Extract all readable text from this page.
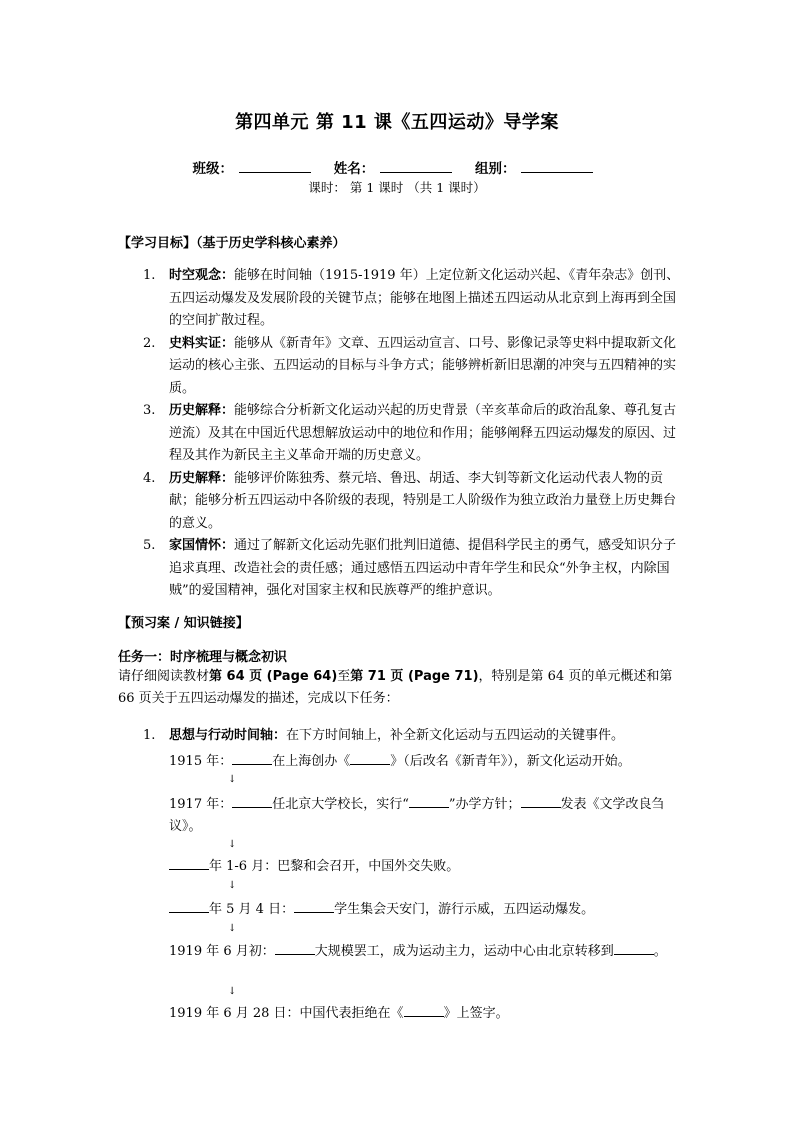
第四单元 第 11 课《五四运动》导学案
班级：	姓名：	组别：
课时： 第 1 课时 （共 1 课时）
【学习目标】（基于历史学科核心素养）
1. 时空观念：能够在时间轴（1915-1919 年）上定位新文化运动兴起、《青年杂志》创刊、五四运动爆发及发展阶段的关键节点；能够在地图上描述五四运动从北京到上海再到全国的空间扩散过程。
2. 史料实证：能够从《新青年》文章、五四运动宣言、口号、影像记录等史料中提取新文化运动的核心主张、五四运动的目标与斗争方式；能够辨析新旧思潮的冲突与五四精神的实质。
3. 历史解释：能够综合分析新文化运动兴起的历史背景（辛亥革命后的政治乱象、尊孔复古逆流）及其在中国近代思想解放运动中的地位和作用；能够阐释五四运动爆发的原因、过程及其作为新民主主义革命开端的历史意义。
4. 历史解释：能够评价陈独秀、蔡元培、鲁迅、胡适、李大钊等新文化运动代表人物的贡献；能够分析五四运动中各阶级的表现，特别是工人阶级作为独立政治力量登上历史舞台的意义。
5. 家国情怀：通过了解新文化运动先驱们批判旧道德、提倡科学民主的勇气，感受知识分子追求真理、改造社会的责任感；通过感悟五四运动中青年学生和民众“外争主权，内除国贼”的爱国精神，强化对国家主权和民族尊严的维护意识。
【预习案 / 知识链接】
任务一：时序梳理与概念初识
请仔细阅读教材第 64 页 (Page 64)至第 71 页 (Page 71)，特别是第 64 页的单元概述和第 66 页关于五四运动爆发的描述，完成以下任务：
1. 思想与行动时间轴：在下方时间轴上，补全新文化运动与五四运动的关键事件。
1915 年：	在上海创办《	》（后改名《新青年》），新文化运动开始。
↓
1917 年：	任北京大学校长，实行“	”办学方针；	发表《文学改良刍议》。
↓
年 1-6 月：巴黎和会召开，中国外交失败。
↓
年 5 月 4 日：	学生集会天安门，游行示威，五四运动爆发。
↓
1919 年 6 月初：	大规模罢工，成为运动主力，运动中心由北京转移到	。
↓
1919 年 6 月 28 日：中国代表拒绝在《	》上签字。
